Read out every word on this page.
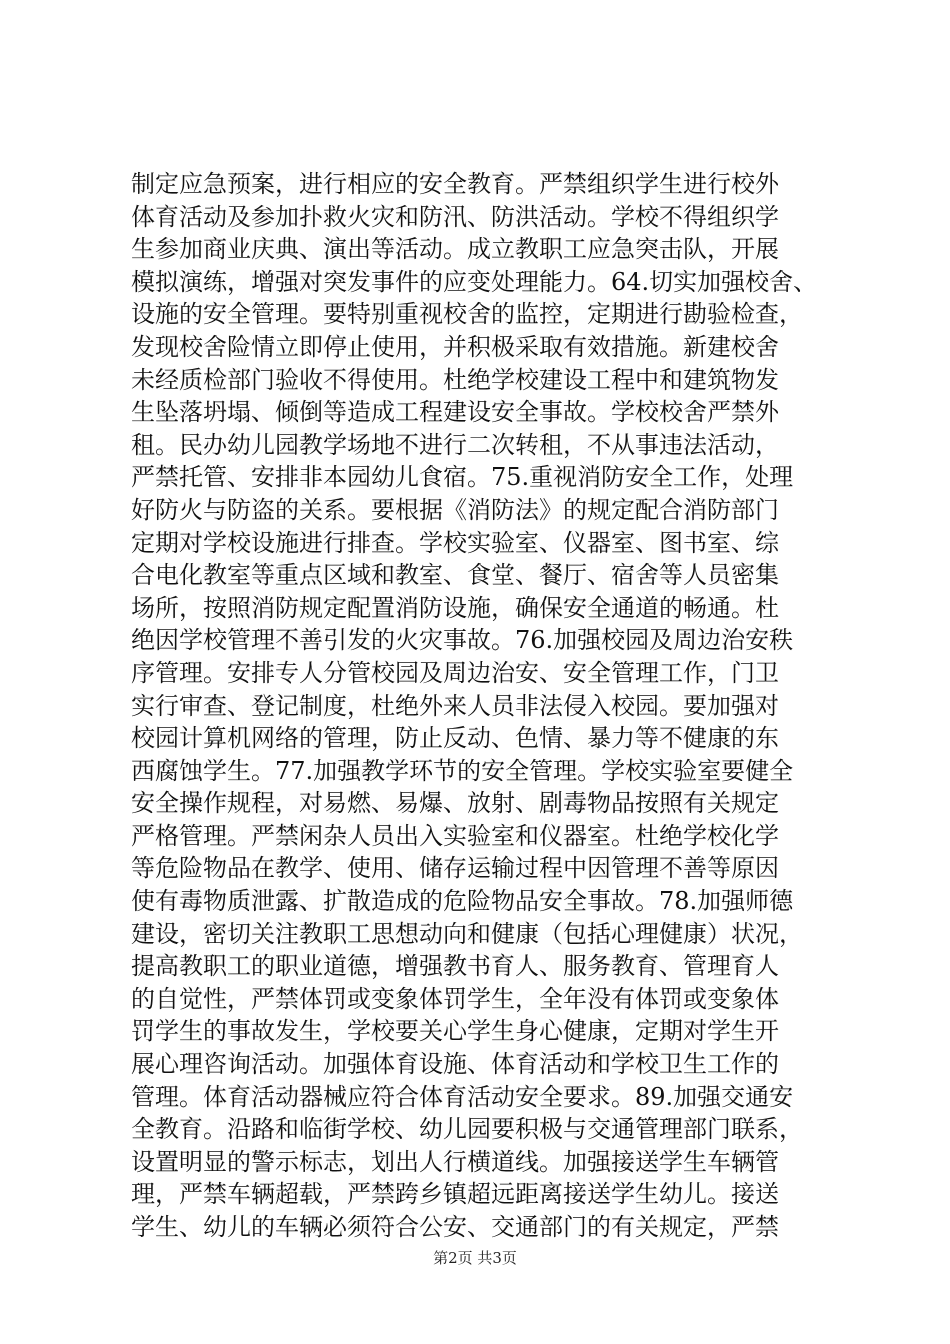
制定应急预案，进行相应的安全教育。严禁组织学生进行校外
体育活动及参加扑救火灾和防汛、防洪活动。学校不得组织学
生参加商业庆典、演出等活动。成立教职工应急突击队，开展
模拟演练，增强对突发事件的应变处理能力。64.切实加强校舍、
设施的安全管理。要特别重视校舍的监控，定期进行勘验检查，
发现校舍险情立即停止使用，并积极采取有效措施。新建校舍
未经质检部门验收不得使用。杜绝学校建设工程中和建筑物发
生坠落坍塌、倾倒等造成工程建设安全事故。学校校舍严禁外
租。民办幼儿园教学场地不进行二次转租，不从事违法活动，
严禁托管、安排非本园幼儿食宿。75.重视消防安全工作，处理
好防火与防盗的关系。要根据《消防法》的规定配合消防部门
定期对学校设施进行排查。学校实验室、仪器室、图书室、综
合电化教室等重点区域和教室、食堂、餐厅、宿舍等人员密集
场所，按照消防规定配置消防设施，确保安全通道的畅通。杜
绝因学校管理不善引发的火灾事故。76.加强校园及周边治安秩
序管理。安排专人分管校园及周边治安、安全管理工作，门卫
实行审查、登记制度，杜绝外来人员非法侵入校园。要加强对
校园计算机网络的管理，防止反动、色情、暴力等不健康的东
西腐蚀学生。77.加强教学环节的安全管理。学校实验室要健全
安全操作规程，对易燃、易爆、放射、剧毒物品按照有关规定
严格管理。严禁闲杂人员出入实验室和仪器室。杜绝学校化学
等危险物品在教学、使用、储存运输过程中因管理不善等原因
使有毒物质泄露、扩散造成的危险物品安全事故。78.加强师德
建设，密切关注教职工思想动向和健康（包括心理健康）状况，
提高教职工的职业道德，增强教书育人、服务教育、管理育人
的自觉性，严禁体罚或变象体罚学生，全年没有体罚或变象体
罚学生的事故发生，学校要关心学生身心健康，定期对学生开
展心理咨询活动。加强体育设施、体育活动和学校卫生工作的
管理。体育活动器械应符合体育活动安全要求。89.加强交通安
全教育。沿路和临街学校、幼儿园要积极与交通管理部门联系，
设置明显的警示标志，划出人行横道线。加强接送学生车辆管
理，严禁车辆超载，严禁跨乡镇超远距离接送学生幼儿。接送
学生、幼儿的车辆必须符合公安、交通部门的有关规定，严禁
第2页 共3页
